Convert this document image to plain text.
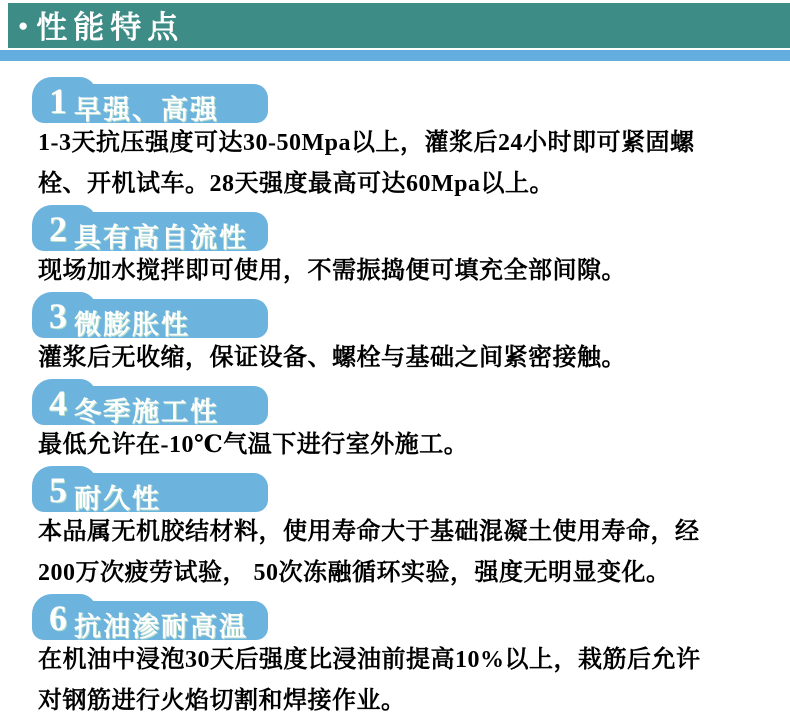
● 性能特点
1 早强、高强
1-3天抗压强度可达30-50Mpa以上，灌浆后24小时即可紧固螺
栓、开机试车。28天强度最高可达60Mpa以上。
2 具有高自流性
现场加水搅拌即可使用，不需振捣便可填充全部间隙。
3 微膨胀性
灌浆后无收缩，保证设备、螺栓与基础之间紧密接触。
4 冬季施工性
最低允许在-10℃气温下进行室外施工。
5 耐久性
本品属无机胶结材料，使用寿命大于基础混凝土使用寿命，经
200万次疲劳试验， 50次冻融循环实验，强度无明显变化。
6 抗油渗耐高温
在机油中浸泡30天后强度比浸油前提高10%以上，栽筋后允许
对钢筋进行火焰切割和焊接作业。
